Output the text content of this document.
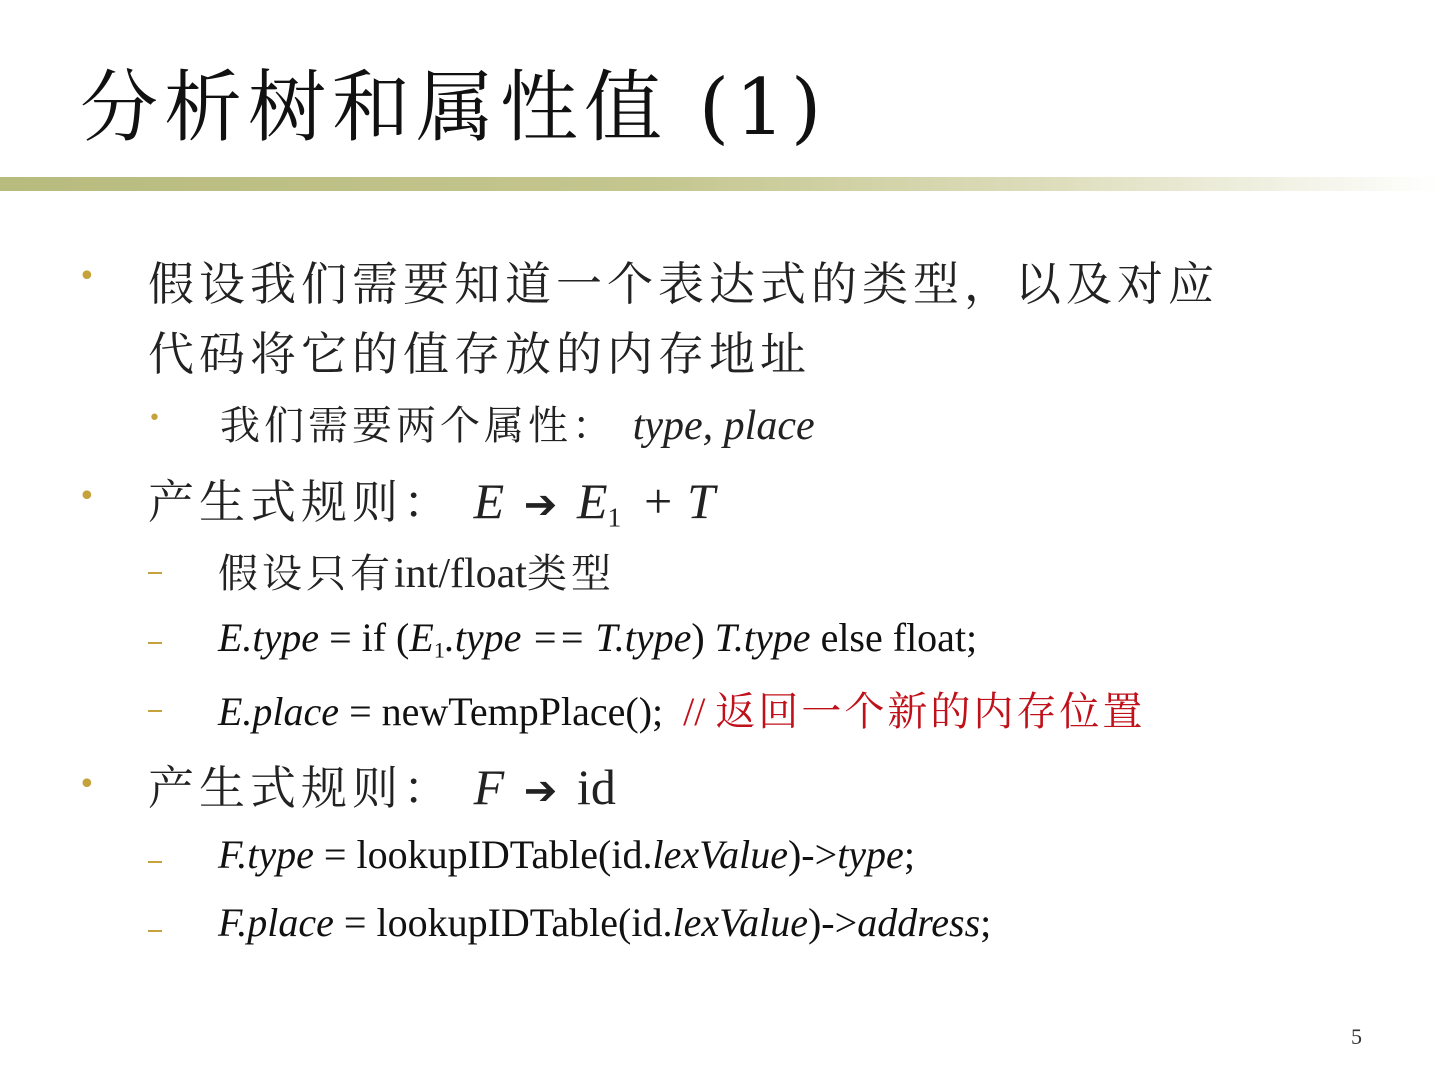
分析树和属性值 (1)
• 假设我们需要知道一个表达式的类型，以及对应
代码将它的值存放的内存地址
• 我们需要两个属性： type, place
• 产生式规则： E ➔ $E_1 + T$
假设只有int/float类型
E.type = if ($E_1.type$ == T.type) T.type else float;
E.place = newTempPlace();  // 返回一个新的内存位置
• 产生式规则： F ➔ id
F.type = lookupIDTable(id.lexValue)->type;
F.place = lookupIDTable(id.lexValue)->address;
5
